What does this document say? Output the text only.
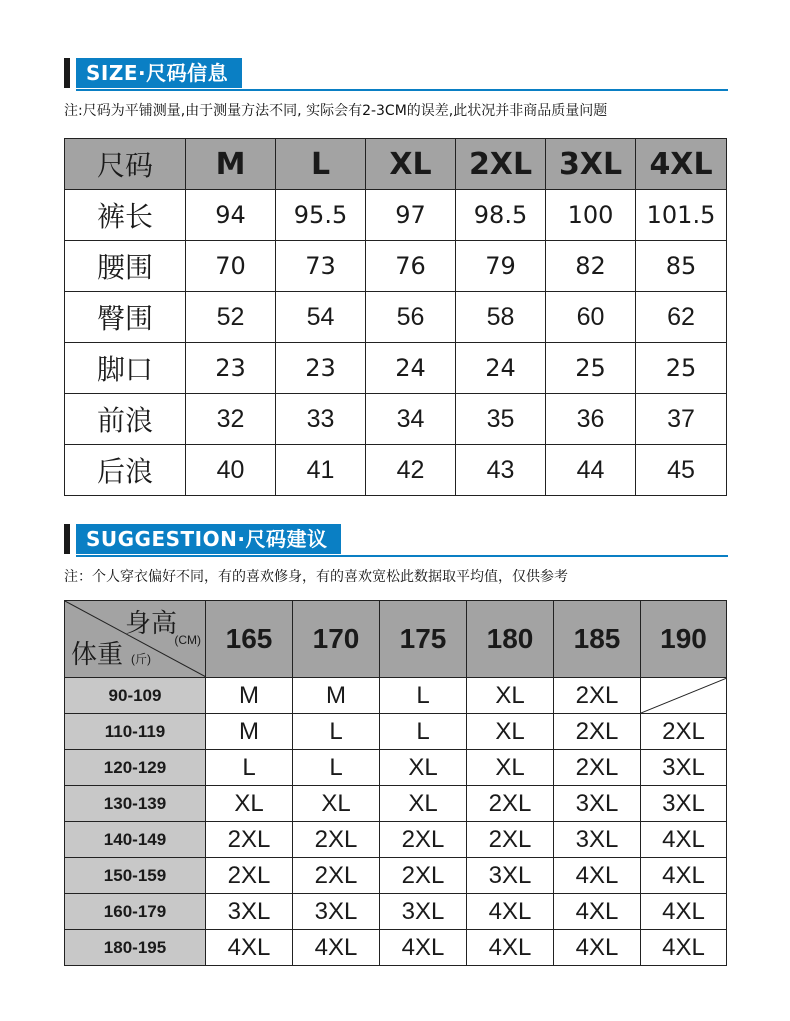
SIZE·尺码信息
注:尺码为平铺测量,由于测量方法不同, 实际会有2-3CM的误差,此状况并非商品质量问题
尺码	M	L	XL	2XL	3XL	4XL
裤长	94	95.5	97	98.5	100	101.5
腰围	70	73	76	79	82	85
臀围	52	54	56	58	60	62
脚口	23	23	24	24	25	25
前浪	32	33	34	35	36	37
后浪	40	41	42	43	44	45
SUGGESTION·尺码建议
注：个人穿衣偏好不同，有的喜欢修身，有的喜欢宽松此数据取平均值，仅供参考
身高
(CM)
体重 (斤)	165	170	175	180	185	190
90-109	M	M	L	XL	2XL	

110-119	M	L	L	XL	2XL	2XL
120-129	L	L	XL	XL	2XL	3XL
130-139	XL	XL	XL	2XL	3XL	3XL
140-149	2XL	2XL	2XL	2XL	3XL	4XL
150-159	2XL	2XL	2XL	3XL	4XL	4XL
160-179	3XL	3XL	3XL	4XL	4XL	4XL
180-195	4XL	4XL	4XL	4XL	4XL	4XL
